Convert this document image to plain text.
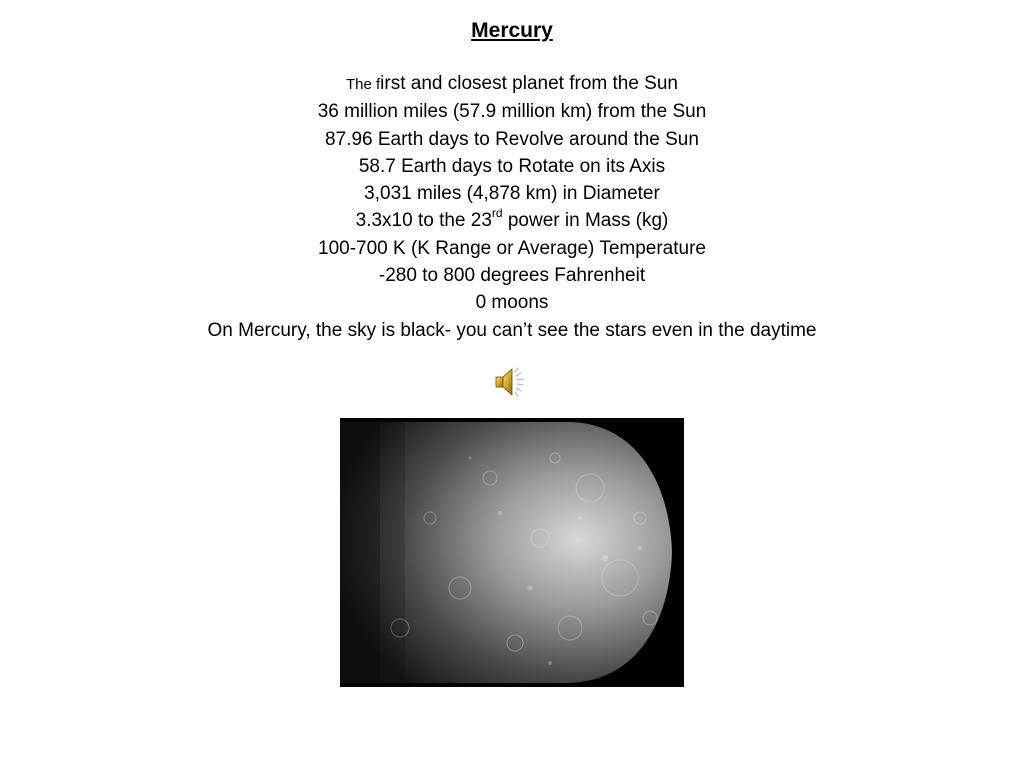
Mercury
The first and closest planet from the Sun
36 million miles (57.9 million km) from the Sun
87.96 Earth days to Revolve around the Sun
58.7 Earth days to Rotate on its Axis
3,031 miles (4,878 km) in Diameter
3.3x10 to the 23rd power in Mass (kg)
100-700 K (K Range or Average) Temperature
-280 to 800 degrees Fahrenheit
0 moons
On Mercury, the sky is black- you can’t see the stars even in the daytime
